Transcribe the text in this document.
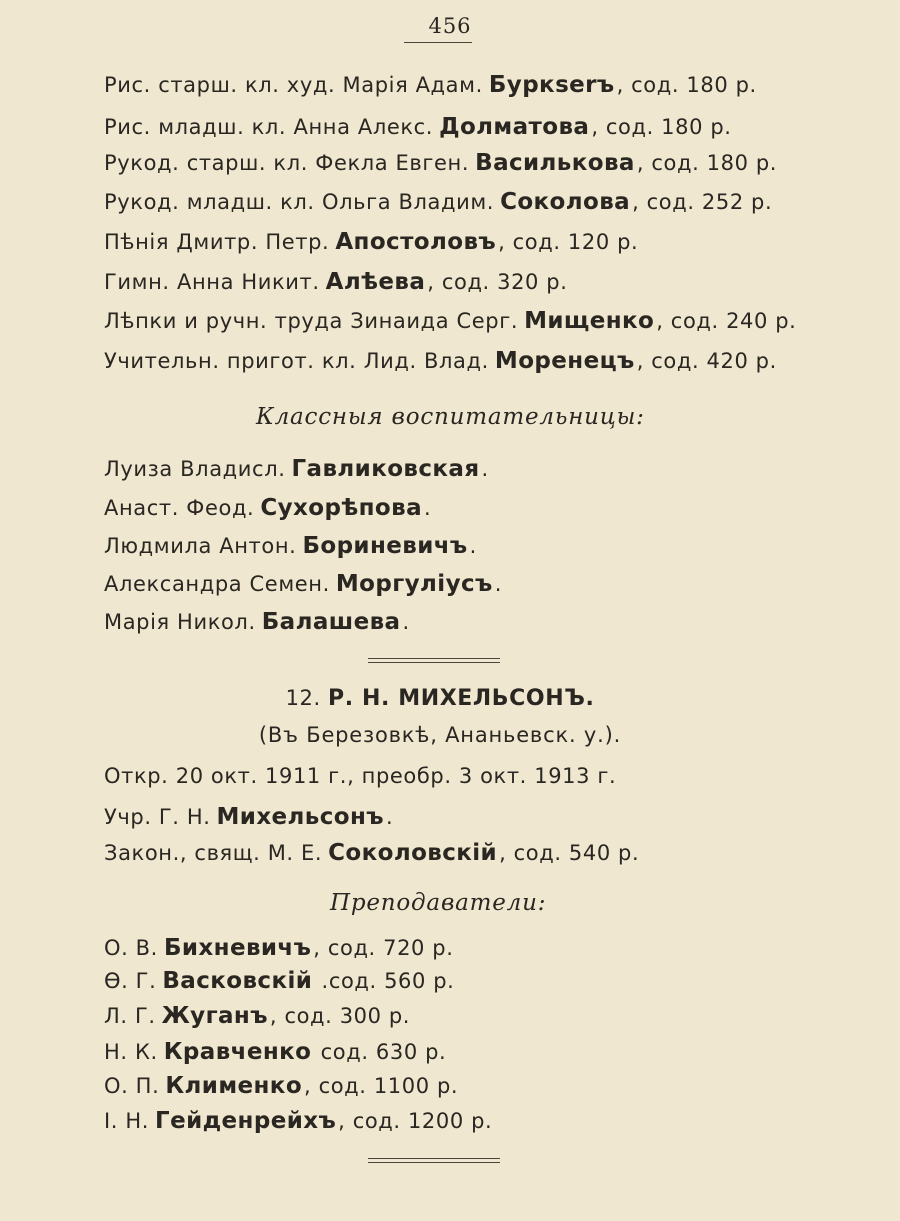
456
Рис. старш. кл. худ. Марія Адам. Буркserъ, сод. 180 р.
Рис. младш. кл. Анна Алекс. Долматова, сод. 180 р.
Рукод. старш. кл. Фекла Евген. Василькова, сод. 180 р.
Рукод. младш. кл. Ольга Владим. Соколова, сод. 252 р.
Пѣнія Дмитр. Петр. Апостоловъ, сод. 120 р.
Гимн. Анна Никит. Алѣева, сод. 320 р.
Лѣпки и ручн. труда Зинаида Серг. Мищенко, сод. 240 р.
Учительн. пригот. кл. Лид. Влад. Моренецъ, сод. 420 р.
Классныя воспитательницы:
Луиза Владисл. Гавликовская.
Анаст. Феод. Сухорѣпова.
Людмила Антон. Бориневичъ.
Александра Семен. Моргуліусъ.
Марія Никол. Балашева.
12. Р. Н. МИХЕЛЬСОНЪ.
(Въ Березовкѣ, Ананьевск. у.).
Откр. 20 окт. 1911 г., преобр. 3 окт. 1913 г.
Учр. Г. Н. Михельсонъ.
Закон., свящ. М. Е. Соколовскій, сод. 540 р.
Преподаватели:
О. В. Бихневичъ, сод. 720 р.
Ѳ. Г. Васковскій .сод. 560 р.
Л. Г. Жуганъ, сод. 300 р.
Н. К. Кравченко сод. 630 р.
О. П. Клименко, сод. 1100 р.
І. Н. Гейденрейхъ, сод. 1200 р.
